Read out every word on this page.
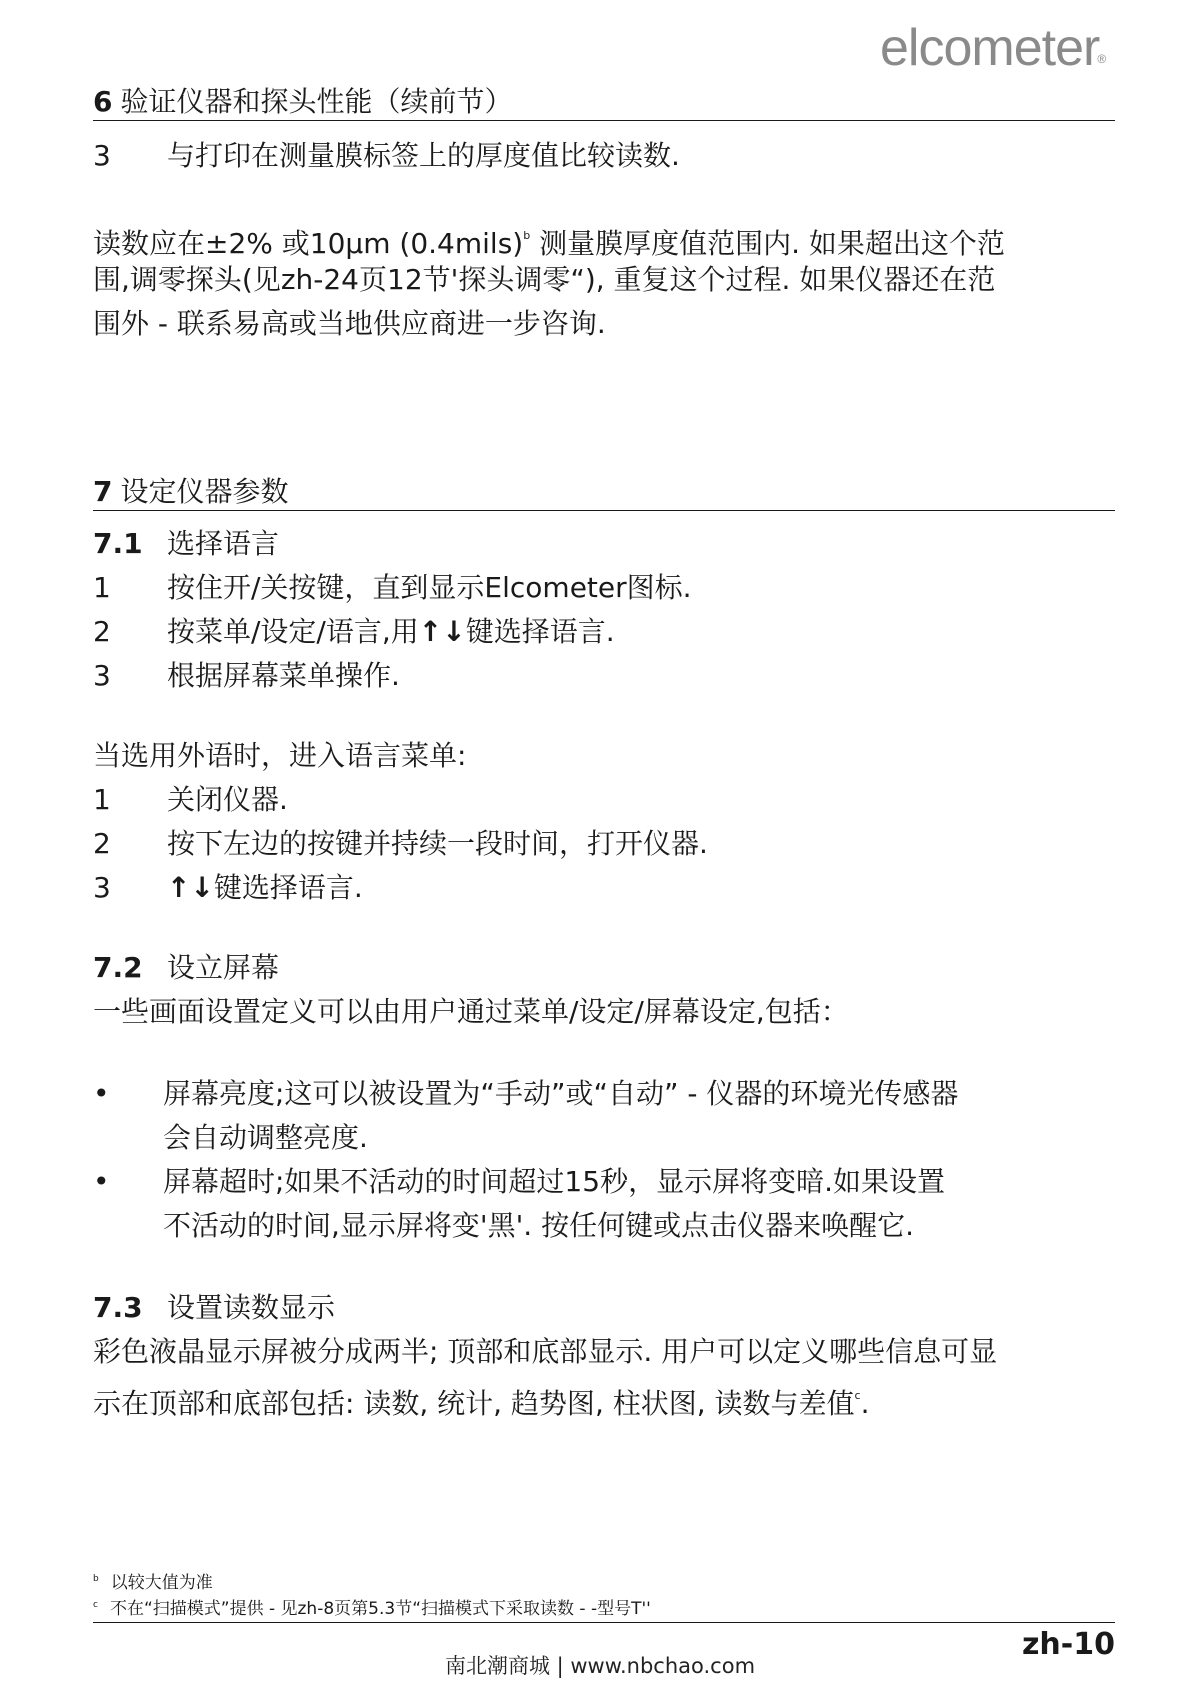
elcometer®
6 验证仪器和探头性能（续前节）
3 与打印在测量膜标签上的厚度值比较读数.
读数应在±2% 或10μm (0.4mils)$^b$ 测量膜厚度值范围内. 如果超出这个范
围,调零探头(见zh-24页12节'探头调零“), 重复这个过程. 如果仪器还在范
围外 - 联系易高或当地供应商进一步咨询.
7 设定仪器参数
7.1 选择语言
1 按住开/关按键，直到显示Elcometer图标.
2 按菜单/设定/语言,用↑↓键选择语言.
3 根据屏幕菜单操作.
当选用外语时，进入语言菜单:
1 关闭仪器.
2 按下左边的按键并持续一段时间，打开仪器.
3 ↑↓键选择语言.
7.2 设立屏幕
一些画面设置定义可以由用户通过菜单/设定/屏幕设定,包括：
• 屏幕亮度;这可以被设置为“手动”或“自动” - 仪器的环境光传感器
会自动调整亮度.
• 屏幕超时;如果不活动的时间超过15秒，显示屏将变暗.如果设置
不活动的时间,显示屏将变'黑'. 按任何键或点击仪器来唤醒它.
7.3 设置读数显示
彩色液晶显示屏被分成两半; 顶部和底部显示. 用户可以定义哪些信息可显
示在顶部和底部包括: 读数, 统计, 趋势图, 柱状图, 读数与差值$^c$.
$^b$ 以较大值为准
$^c$ 不在“扫描模式”提供 - 见zh-8页第5.3节“扫描模式下采取读数 - -型号T''
zh-10
南北潮商城 | www.nbchao.com
